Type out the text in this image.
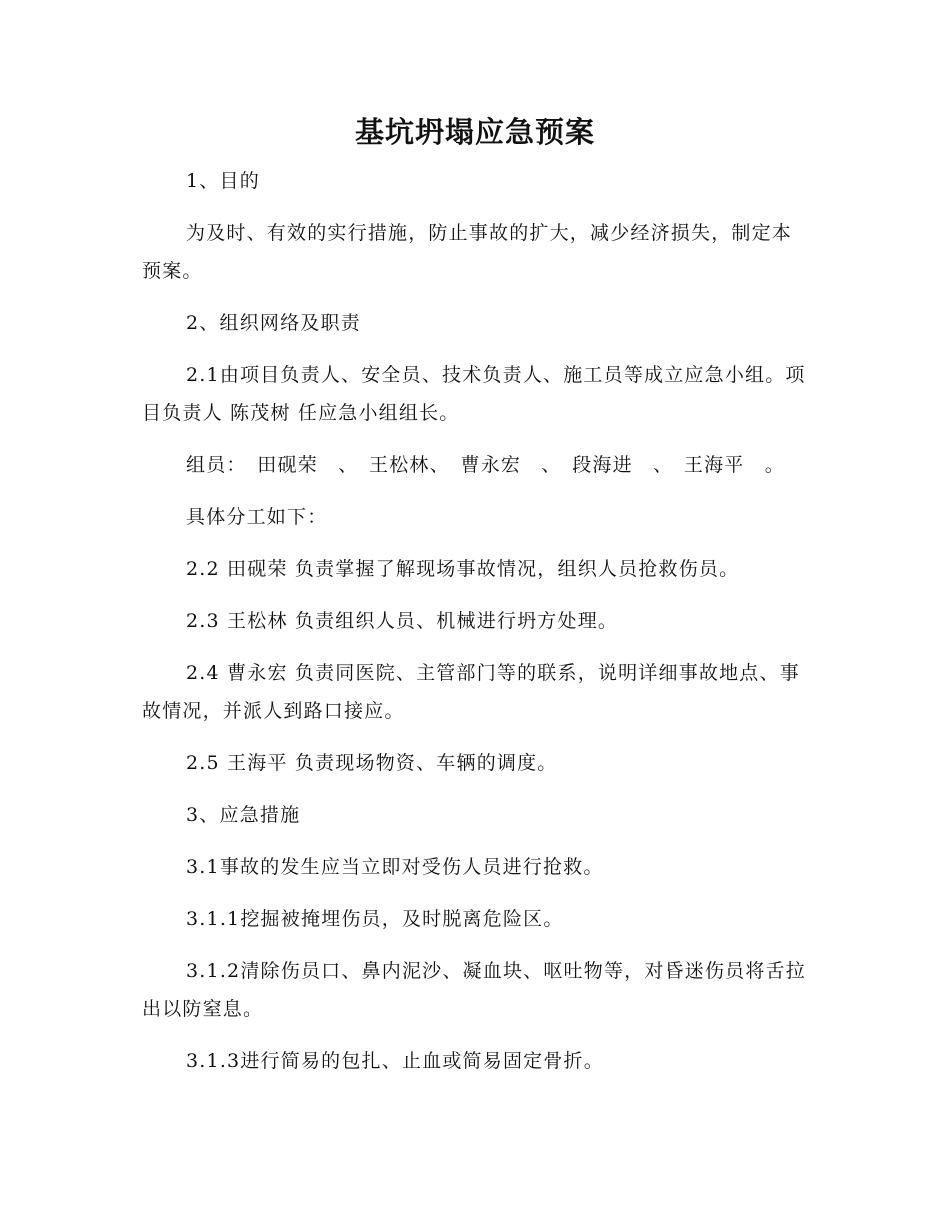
基坑坍塌应急预案

1、目的

为及时、有效的实行措施，防止事故的扩大，减少经济损失，制定本预案。

2、组织网络及职责

2.1由项目负责人、安全员、技术负责人、施工员等成立应急小组。项目负责人 陈茂树 任应急小组组长。

组员：　田砚荣　、　王松林、　曹永宏　、　段海进　、　王海平　。

具体分工如下：

2.2 田砚荣 负责掌握了解现场事故情况，组织人员抢救伤员。

2.3 王松林 负责组织人员、机械进行坍方处理。

2.4 曹永宏 负责同医院、主管部门等的联系，说明详细事故地点、事故情况，并派人到路口接应。

2.5 王海平 负责现场物资、车辆的调度。

3、应急措施

3.1事故的发生应当立即对受伤人员进行抢救。

3.1.1挖掘被掩埋伤员，及时脱离危险区。

3.1.2清除伤员口、鼻内泥沙、凝血块、呕吐物等，对昏迷伤员将舌拉出以防窒息。

3.1.3进行简易的包扎、止血或简易固定骨折。
